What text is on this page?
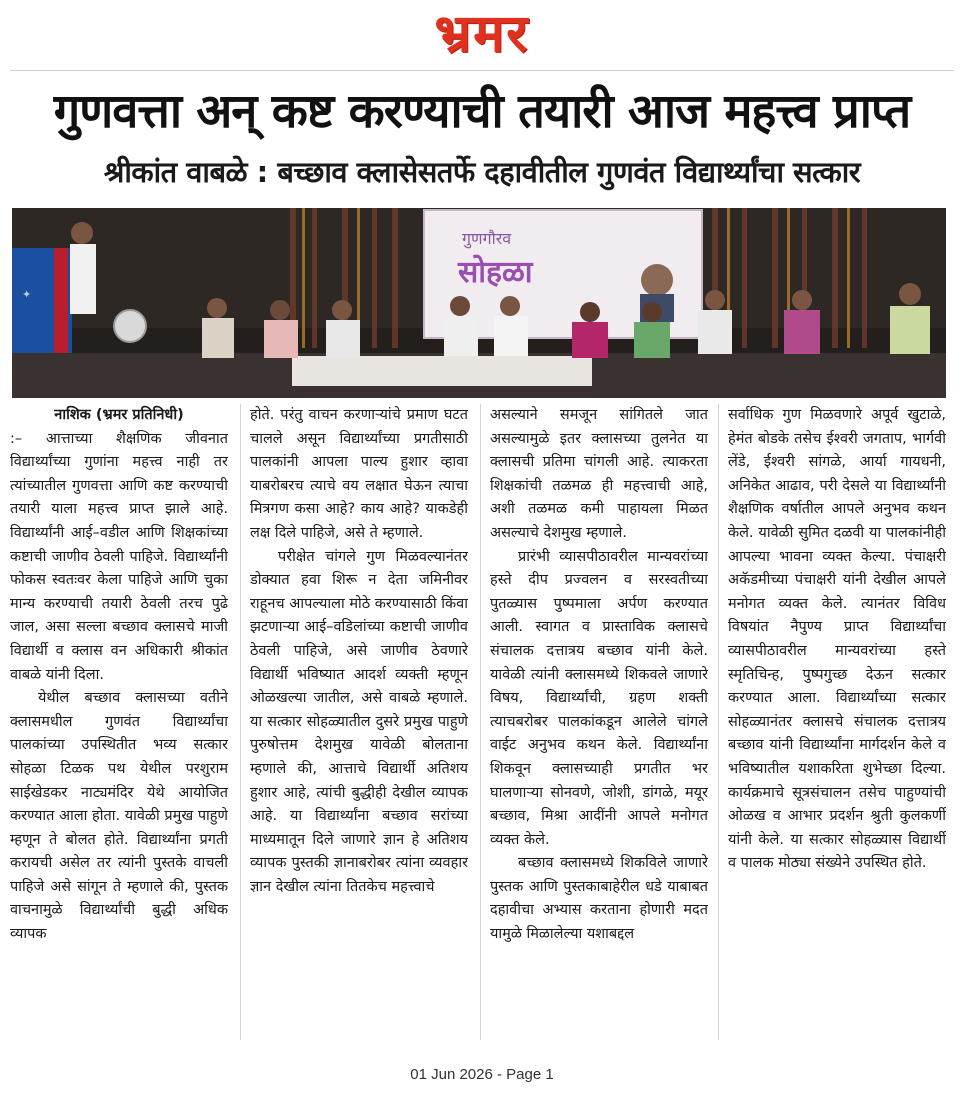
भ्रमर
गुणवत्ता अन् कष्ट करण्याची तयारी आज महत्त्व प्राप्त
श्रीकांत वाबळे : बच्छाव क्लासेसतर्फे दहावीतील गुणवंत विद्यार्थ्यांचा सत्कार
गुणगौरव
सोहळा
✦
नाशिक (भ्रमर प्रतिनिधी)

:– आत्ताच्या शैक्षणिक जीवनात विद्यार्थ्यांच्या गुणांना महत्त्व नाही तर त्यांच्यातील गुणवत्ता आणि कष्ट करण्याची तयारी याला महत्त्व प्राप्त झाले आहे. विद्यार्थ्यांनी आई–वडील आणि शिक्षकांच्या कष्टाची जाणीव ठेवली पाहिजे. विद्यार्थ्यांनी फोकस स्वतःवर केला पाहिजे आणि चुका मान्य करण्याची तयारी ठेवली तरच पुढे जाल, असा सल्ला बच्छाव क्लासचे माजी विद्यार्थी व क्लास वन अधिकारी श्रीकांत वाबळे यांनी दिला.

येथील बच्छाव क्लासच्या वतीने क्लासमधील गुणवंत विद्यार्थ्यांचा पालकांच्या उपस्थितीत भव्य सत्कार सोहळा टिळक पथ येथील परशुराम साईखेडकर नाट्यमंदिर येथे आयोजित करण्यात आला होता. यावेळी प्रमुख पाहुणे म्हणून ते बोलत होते. विद्यार्थ्यांना प्रगती करायची असेल तर त्यांनी पुस्तके वाचली पाहिजे असे सांगून ते म्हणाले की, पुस्तक वाचनामुळे विद्यार्थ्यांची बुद्धी अधिक व्यापक

होते. परंतु वाचन करणाऱ्यांचे प्रमाण घटत चालले असून विद्यार्थ्यांच्या प्रगतीसाठी पालकांनी आपला पाल्य हुशार व्हावा याबरोबरच त्याचे वय लक्षात घेऊन त्याचा मित्रगण कसा आहे? काय आहे? याकडेही लक्ष दिले पाहिजे, असे ते म्हणाले.

परीक्षेत चांगले गुण मिळवल्यानंतर डोक्यात हवा शिरू न देता जमिनीवर राहूनच आपल्याला मोठे करण्यासाठी किंवा झटणाऱ्या आई–वडिलांच्या कष्टाची जाणीव ठेवली पाहिजे, असे जाणीव ठेवणारे विद्यार्थी भविष्यात आदर्श व्यक्ती म्हणून ओळखल्या जातील, असे वाबळे म्हणाले. या सत्कार सोहळ्यातील दुसरे प्रमुख पाहुणे पुरुषोत्तम देशमुख यावेळी बोलताना म्हणाले की, आत्ताचे विद्यार्थी अतिशय हुशार आहे, त्यांची बुद्धीही देखील व्यापक आहे. या विद्यार्थ्यांना बच्छाव सरांच्या माध्यमातून दिले जाणारे ज्ञान हे अतिशय व्यापक पुस्तकी ज्ञानाबरोबर त्यांना व्यवहार ज्ञान देखील त्यांना तितकेच महत्त्वाचे

असल्याने समजून सांगितले जात असल्यामुळे इतर क्लासच्या तुलनेत या क्लासची प्रतिमा चांगली आहे. त्याकरता शिक्षकांची तळमळ ही महत्त्वाची आहे, अशी तळमळ कमी पाहायला मिळत असल्याचे देशमुख म्हणाले.

प्रारंभी व्यासपीठावरील मान्यवरांच्या हस्ते दीप प्रज्वलन व सरस्वतीच्या पुतळ्यास पुष्पमाला अर्पण करण्यात आली. स्वागत व प्रास्ताविक क्लासचे संचालक दत्तात्रय बच्छाव यांनी केले. यावेळी त्यांनी क्लासमध्ये शिकवले जाणारे विषय, विद्यार्थ्यांची, ग्रहण शक्ती त्याचबरोबर पालकांकडून आलेले चांगले वाईट अनुभव कथन केले. विद्यार्थ्यांना शिकवून क्लासच्याही प्रगतीत भर घालणाऱ्या सोनवणे, जोशी, डांगळे, मयूर बच्छाव, मिश्रा आदींनी आपले मनोगत व्यक्त केले.

बच्छाव क्लासमध्ये शिकविले जाणारे पुस्तक आणि पुस्तकाबाहेरील धडे याबाबत दहावीचा अभ्यास करताना होणारी मदत यामुळे मिळालेल्या यशाबद्दल

सर्वाधिक गुण मिळवणारे अपूर्व खुटाळे, हेमंत बोडके तसेच ईश्वरी जगताप, भार्गवी लेंडे, ईश्वरी सांगळे, आर्या गायधनी, अनिकेत आढाव, परी देसले या विद्यार्थ्यांनी शैक्षणिक वर्षातील आपले अनुभव कथन केले. यावेळी सुमित दळवी या पालकांनीही आपल्या भावना व्यक्त केल्या. पंचाक्षरी अकॅडमीच्या पंचाक्षरी यांनी देखील आपले मनोगत व्यक्त केले. त्यानंतर विविध विषयांत नैपुण्य प्राप्त विद्यार्थ्यांचा व्यासपीठावरील मान्यवरांच्या हस्ते स्मृतिचिन्ह, पुष्पगुच्छ देऊन सत्कार करण्यात आला. विद्यार्थ्यांच्या सत्कार सोहळ्यानंतर क्लासचे संचालक दत्तात्रय बच्छाव यांनी विद्यार्थ्यांना मार्गदर्शन केले व भविष्यातील यशाकरिता शुभेच्छा दिल्या. कार्यक्रमाचे सूत्रसंचालन तसेच पाहुण्यांची ओळख व आभार प्रदर्शन श्रुती कुलकर्णी यांनी केले. या सत्कार सोहळ्यास विद्यार्थी व पालक मोठ्या संख्येने उपस्थित होते.

01 Jun 2026 - Page 1
